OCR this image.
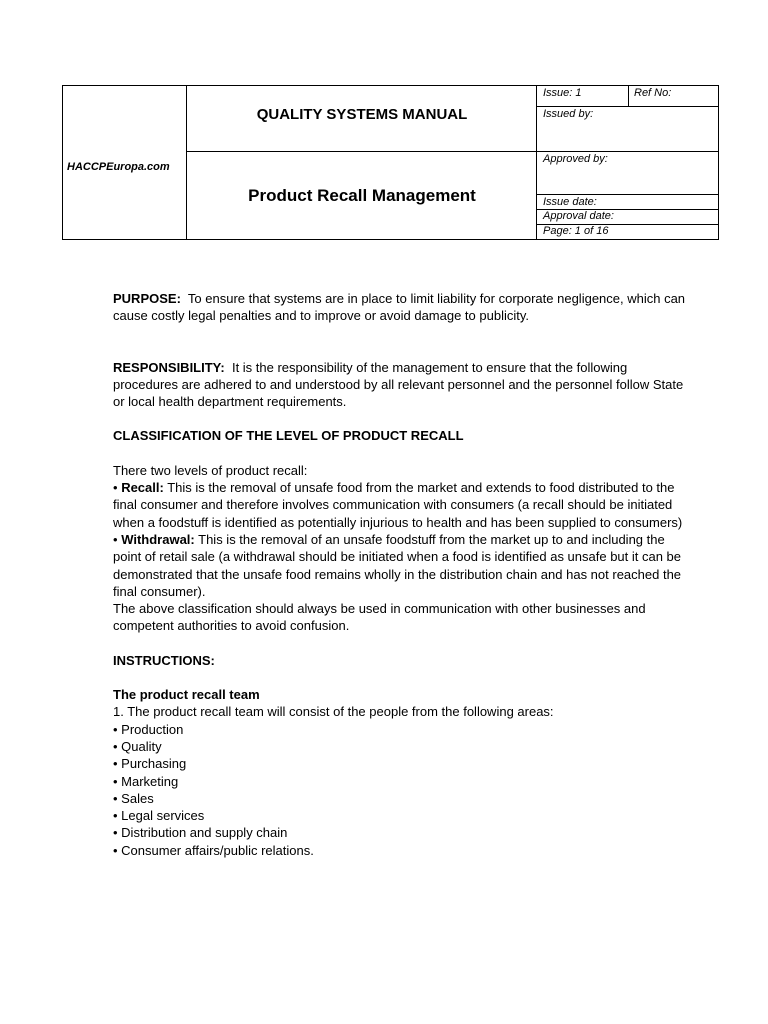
HACCPEuropa.com
QUALITY SYSTEMS MANUAL
Product Recall Management
Issue: 1	Ref No:
Issued by:
Approved by:
Issue date:
Approval date:
Page: 1 of 16

PURPOSE: To ensure that systems are in place to limit liability for corporate negligence, which can cause costly legal penalties and to improve or avoid damage to publicity.

RESPONSIBILITY: It is the responsibility of the management to ensure that the following procedures are adhered to and understood by all relevant personnel and the personnel follow State or local health department requirements.

CLASSIFICATION OF THE LEVEL OF PRODUCT RECALL

There two levels of product recall:

• Recall: This is the removal of unsafe food from the market and extends to food distributed to the final consumer and therefore involves communication with consumers (a recall should be initiated when a foodstuff is identified as potentially injurious to health and has been supplied to consumers)

• Withdrawal: This is the removal of an unsafe foodstuff from the market up to and including the point of retail sale (a withdrawal should be initiated when a food is identified as unsafe but it can be demonstrated that the unsafe food remains wholly in the distribution chain and has not reached the final consumer).

The above classification should always be used in communication with other businesses and competent authorities to avoid confusion.

INSTRUCTIONS:

The product recall team

1. The product recall team will consist of the people from the following areas:

• Production

• Quality

• Purchasing

• Marketing

• Sales

• Legal services

• Distribution and supply chain

• Consumer affairs/public relations.
